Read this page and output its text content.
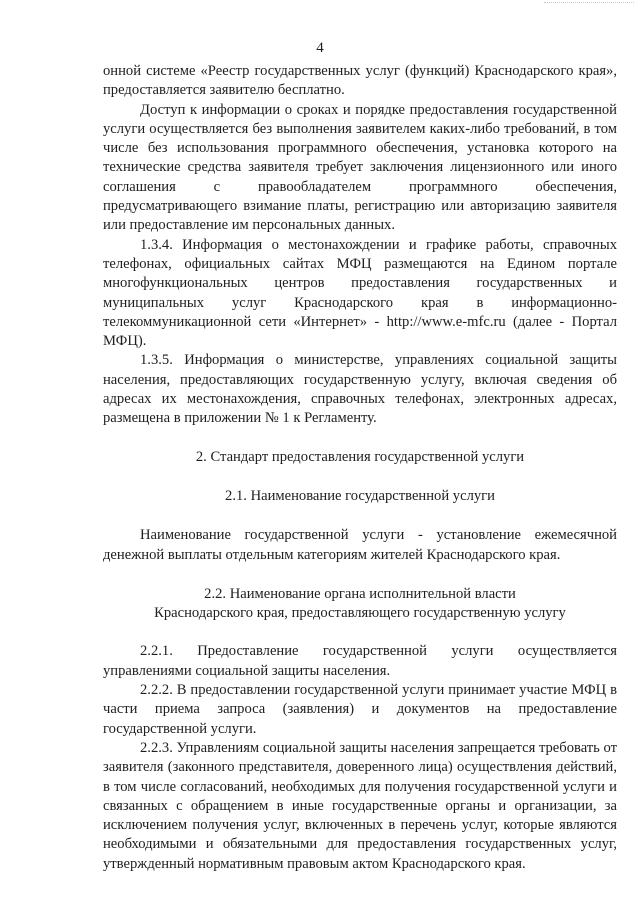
4

онной системе «Реестр государственных услуг (функций) Краснодарского края», предоставляется заявителю бесплатно.

Доступ к информации о сроках и порядке предоставления государственной услуги осуществляется без выполнения заявителем каких-либо требований, в том числе без использования программного обеспечения, установка которого на технические средства заявителя требует заключения лицензионного или иного соглашения с правообладателем программного обеспечения, предусматривающего взимание платы, регистрацию или авторизацию заявителя или предоставление им персональных данных.

1.3.4. Информация о местонахождении и графике работы, справочных телефонах, официальных сайтах МФЦ размещаются на Едином портале многофункциональных центров предоставления государственных и муниципальных услуг Краснодарского края в информационно-телекоммуникационной сети «Интернет» - http://www.e-mfc.ru (далее - Портал МФЦ).

1.3.5. Информация о министерстве, управлениях социальной защиты населения, предоставляющих государственную услугу, включая сведения об адресах их местонахождения, справочных телефонах, электронных адресах, размещена в приложении № 1 к Регламенту.

2. Стандарт предоставления государственной услуги

2.1. Наименование государственной услуги

Наименование государственной услуги - установление ежемесячной денежной выплаты отдельным категориям жителей Краснодарского края.

2.2. Наименование органа исполнительной власти

Краснодарского края, предоставляющего государственную услугу

2.2.1. Предоставление государственной услуги осуществляется управлениями социальной защиты населения.

2.2.2. В предоставлении государственной услуги принимает участие МФЦ в части приема запроса (заявления) и документов на предоставление государственной услуги.

2.2.3. Управлениям социальной защиты населения запрещается требовать от заявителя (законного представителя, доверенного лица) осуществления действий, в том числе согласований, необходимых для получения государственной услуги и связанных с обращением в иные государственные органы и организации, за исключением получения услуг, включенных в перечень услуг, которые являются необходимыми и обязательными для предоставления государственных услуг, утвержденный нормативным правовым актом Краснодарского края.
